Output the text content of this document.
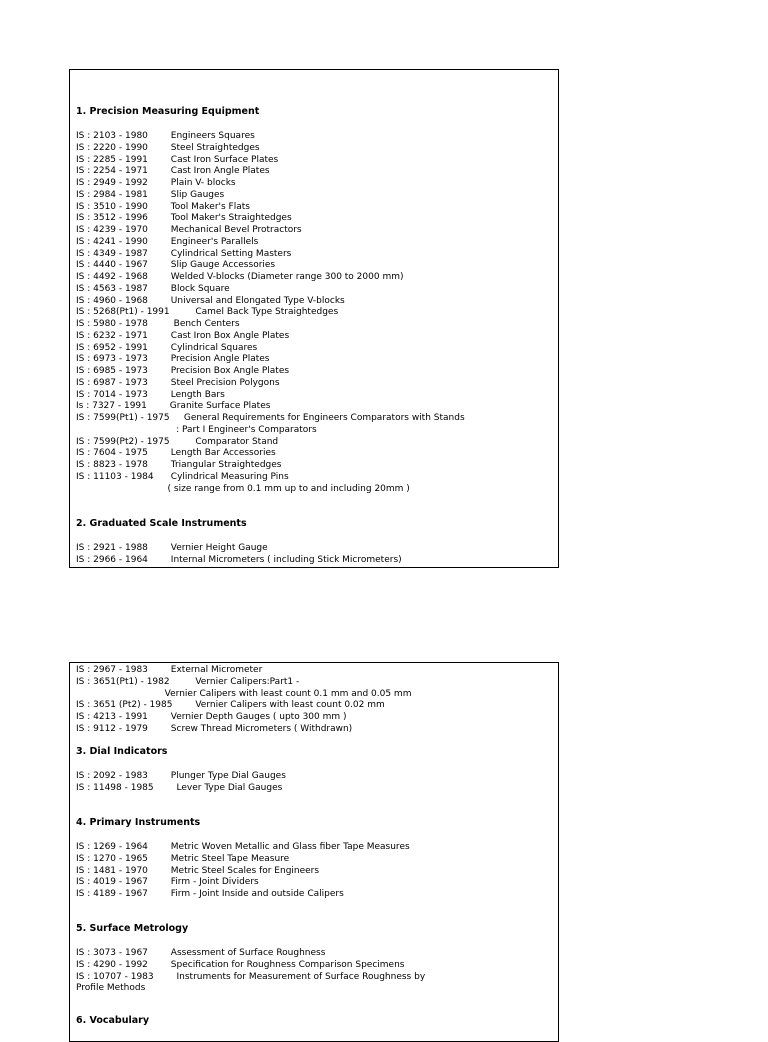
1. Precision Measuring Equipment
IS : 2103 - 1980        Engineers Squares
IS : 2220 - 1990        Steel Straightedges
IS : 2285 - 1991        Cast Iron Surface Plates
IS : 2254 - 1971        Cast Iron Angle Plates
IS : 2949 - 1992        Plain V- blocks
IS : 2984 - 1981        Slip Gauges
IS : 3510 - 1990        Tool Maker's Flats
IS : 3512 - 1996        Tool Maker's Straightedges
IS : 4239 - 1970        Mechanical Bevel Protractors
IS : 4241 - 1990        Engineer's Parallels
IS : 4349 - 1987        Cylindrical Setting Masters
IS : 4440 - 1967        Slip Gauge Accessories
IS : 4492 - 1968        Welded V-blocks (Diameter range 300 to 2000 mm)
IS : 4563 - 1987        Block Square
IS : 4960 - 1968        Universal and Elongated Type V-blocks
IS : 5268(Pt1) - 1991         Camel Back Type Straightedges
IS : 5980 - 1978         Bench Centers
IS : 6232 - 1971        Cast Iron Box Angle Plates
IS : 6952 - 1991        Cylindrical Squares
IS : 6973 - 1973        Precision Angle Plates
IS : 6985 - 1973        Precision Box Angle Plates
IS : 6987 - 1973        Steel Precision Polygons
IS : 7014 - 1973        Length Bars
Is : 7327 - 1991        Granite Surface Plates
IS : 7599(Pt1) - 1975     General Requirements for Engineers Comparators with Stands
: Part I Engineer's Comparators
IS : 7599(Pt2) - 1975         Comparator Stand
IS : 7604 - 1975        Length Bar Accessories
IS : 8823 - 1978        Triangular Straightedges
IS : 11103 - 1984      Cylindrical Measuring Pins
( size range from 0.1 mm up to and including 20mm )
2. Graduated Scale Instruments
IS : 2921 - 1988        Vernier Height Gauge
IS : 2966 - 1964        Internal Micrometers ( including Stick Micrometers)
IS : 2967 - 1983        External Micrometer
IS : 3651(Pt1) - 1982         Vernier Calipers:Part1 -
Vernier Calipers with least count 0.1 mm and 0.05 mm
IS : 3651 (Pt2) - 1985        Vernier Calipers with least count 0.02 mm
IS : 4213 - 1991        Vernier Depth Gauges ( upto 300 mm )
IS : 9112 - 1979        Screw Thread Micrometers ( Withdrawn)
3. Dial Indicators
IS : 2092 - 1983        Plunger Type Dial Gauges
IS : 11498 - 1985        Lever Type Dial Gauges
4. Primary Instruments
IS : 1269 - 1964        Metric Woven Metallic and Glass fiber Tape Measures
IS : 1270 - 1965        Metric Steel Tape Measure
IS : 1481 - 1970        Metric Steel Scales for Engineers
IS : 4019 - 1967        Firm - Joint Dividers
IS : 4189 - 1967        Firm - Joint Inside and outside Calipers
5. Surface Metrology
IS : 3073 - 1967        Assessment of Surface Roughness
IS : 4290 - 1992        Specification for Roughness Comparison Specimens
IS : 10707 - 1983        Instruments for Measurement of Surface Roughness by
Profile Methods
6. Vocabulary
